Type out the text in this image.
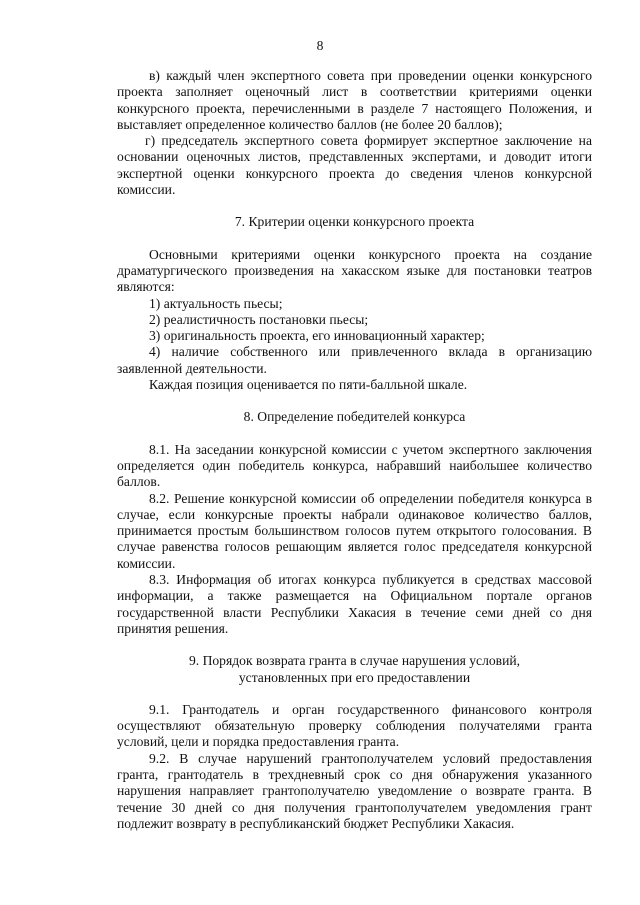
8
в) каждый член экспертного совета при проведении оценки конкурсного проекта заполняет оценочный лист в соответствии критериями оценки конкурсного проекта, перечисленными в разделе 7 настоящего Положения, и выставляет определенное количество баллов (не более 20 баллов);
г) председатель экспертного совета формирует экспертное заключение на основании оценочных листов, представленных экспертами, и доводит итоги экспертной оценки конкурсного проекта до сведения членов конкурсной комиссии.
7. Критерии оценки конкурсного проекта
Основными критериями оценки конкурсного проекта на создание драматургического произведения на хакасском языке для постановки театров являются:
1) актуальность пьесы;
2) реалистичность постановки пьесы;
3) оригинальность проекта, его инновационный характер;
4) наличие собственного или привлеченного вклада в организацию заявленной деятельности.
Каждая позиция оценивается по пяти-балльной шкале.
8. Определение победителей конкурса
8.1. На заседании конкурсной комиссии с учетом экспертного заключения определяется один победитель конкурса, набравший наибольшее количество баллов.
8.2. Решение конкурсной комиссии об определении победителя конкурса в случае, если конкурсные проекты набрали одинаковое количество баллов, принимается простым большинством голосов путем открытого голосования. В случае равенства голосов решающим является голос председателя конкурсной комиссии.
8.3. Информация об итогах конкурса публикуется в средствах массовой информации, а также размещается на Официальном портале органов государственной власти Республики Хакасия в течение семи дней со дня принятия решения.
9. Порядок возврата гранта в случае нарушения условий,
установленных при его предоставлении
9.1. Грантодатель и орган государственного финансового контроля осуществляют обязательную проверку соблюдения получателями гранта условий, цели и порядка предоставления гранта.
9.2. В случае нарушений грантополучателем условий предоставления гранта, грантодатель в трехдневный срок со дня обнаружения указанного нарушения направляет грантополучателю уведомление о возврате гранта. В течение 30 дней со дня получения грантополучателем уведомления грант подлежит возврату в республиканский бюджет Республики Хакасия.
